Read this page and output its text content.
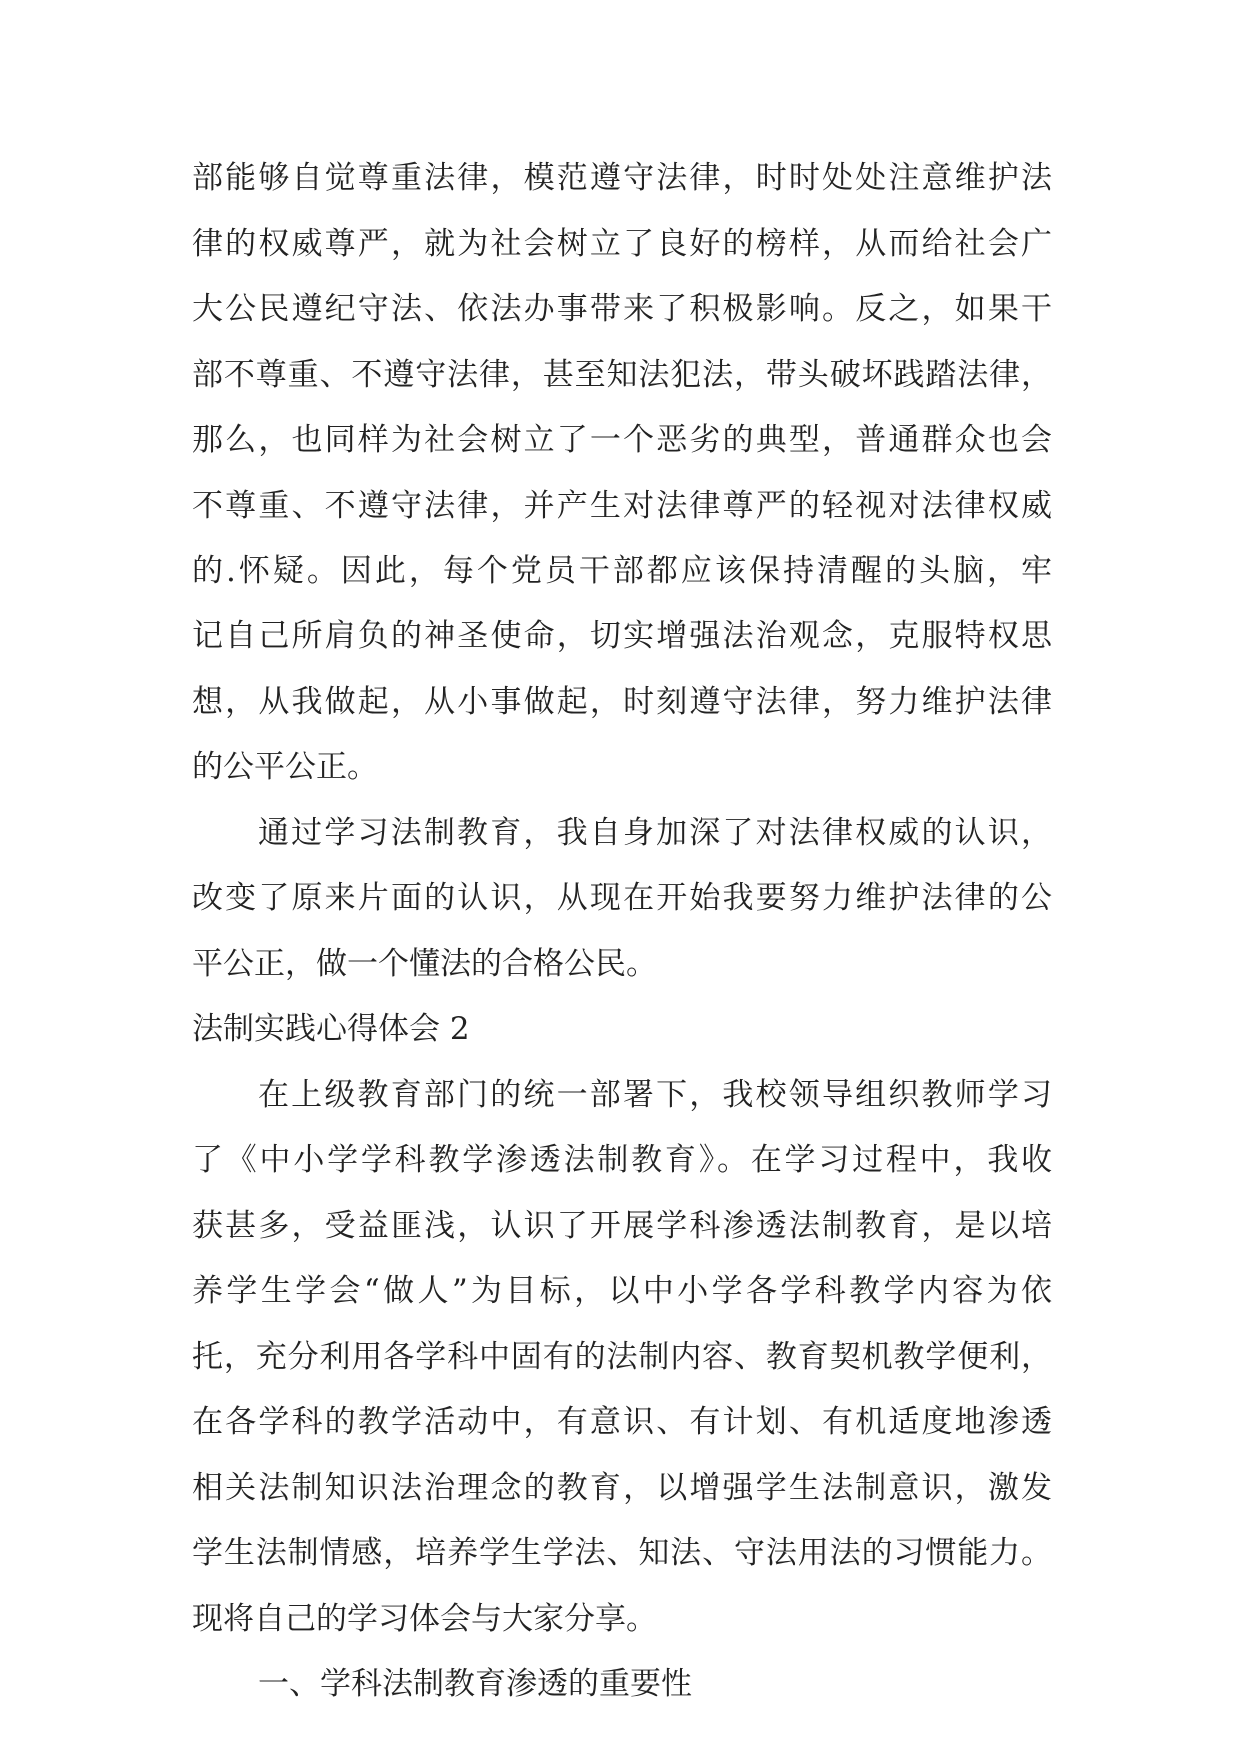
部能够自觉尊重法律，模范遵守法律，时时处处注意维护法
律的权威尊严，就为社会树立了良好的榜样，从而给社会广
大公民遵纪守法、依法办事带来了积极影响。反之，如果干
部不尊重、不遵守法律，甚至知法犯法，带头破坏践踏法律，
那么，也同样为社会树立了一个恶劣的典型，普通群众也会
不尊重、不遵守法律，并产生对法律尊严的轻视对法律权威
的.怀疑。因此，每个党员干部都应该保持清醒的头脑，牢
记自己所肩负的神圣使命，切实增强法治观念，克服特权思
想，从我做起，从小事做起，时刻遵守法律，努力维护法律
的公平公正。
通过学习法制教育，我自身加深了对法律权威的认识，
改变了原来片面的认识，从现在开始我要努力维护法律的公
平公正，做一个懂法的合格公民。
法制实践心得体会 2
在上级教育部门的统一部署下，我校领导组织教师学习
了《中小学学科教学渗透法制教育》。在学习过程中，我收
获甚多，受益匪浅，认识了开展学科渗透法制教育，是以培
养学生学会“做人”为目标，以中小学各学科教学内容为依
托，充分利用各学科中固有的法制内容、教育契机教学便利，
在各学科的教学活动中，有意识、有计划、有机适度地渗透
相关法制知识法治理念的教育，以增强学生法制意识，激发
学生法制情感，培养学生学法、知法、守法用法的习惯能力。
现将自己的学习体会与大家分享。
一、学科法制教育渗透的重要性
